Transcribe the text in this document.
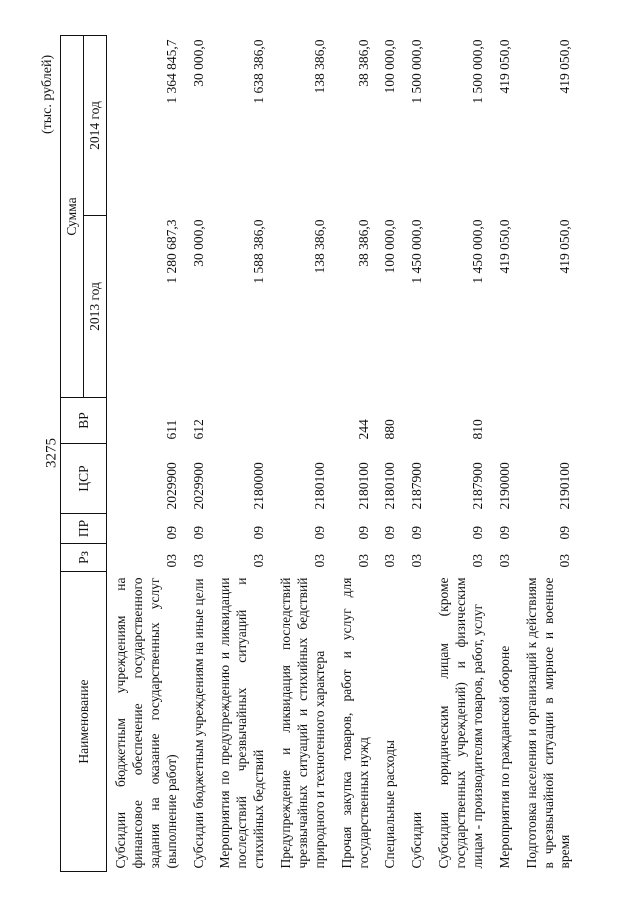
3275
(тыс. рублей)
Наименование	Рз	ПР	ЦСР	ВР	Сумма	
					2013 год	2014 год
Субсидии бюджетным учреждениям на финансовое обеспечение государственного задания на оказание государственных услуг (выполнение работ)	03	09	2029900	611	1 280 687,3	1 364 845,7
Субсидии бюджетным учреждениям на иные цели	03	09	2029900	612	30 000,0	30 000,0
Мероприятия по предупреждению и ликвидации последствий чрезвычайных ситуаций и стихийных бедствий	03	09	2180000		1 588 386,0	1 638 386,0
Предупреждение и ликвидация последствий чрезвычайных ситуаций и стихийных бедствий природного и техногенного характера	03	09	2180100		138 386,0	138 386,0
Прочая закупка товаров, работ и услуг для государственных нужд	03	09	2180100	244	38 386,0	38 386,0
Специальные расходы	03	09	2180100	880	100 000,0	100 000,0
Субсидии	03	09	2187900		1 450 000,0	1 500 000,0
Субсидии юридическим лицам (кроме государственных учреждений) и физическим лицам - производителям товаров, работ, услуг	03	09	2187900	810	1 450 000,0	1 500 000,0
Мероприятия по гражданской обороне	03	09	2190000		419 050,0	419 050,0
Подготовка населения и организаций к действиям в чрезвычайной ситуации в мирное и военное время	03	09	2190100		419 050,0	419 050,0
